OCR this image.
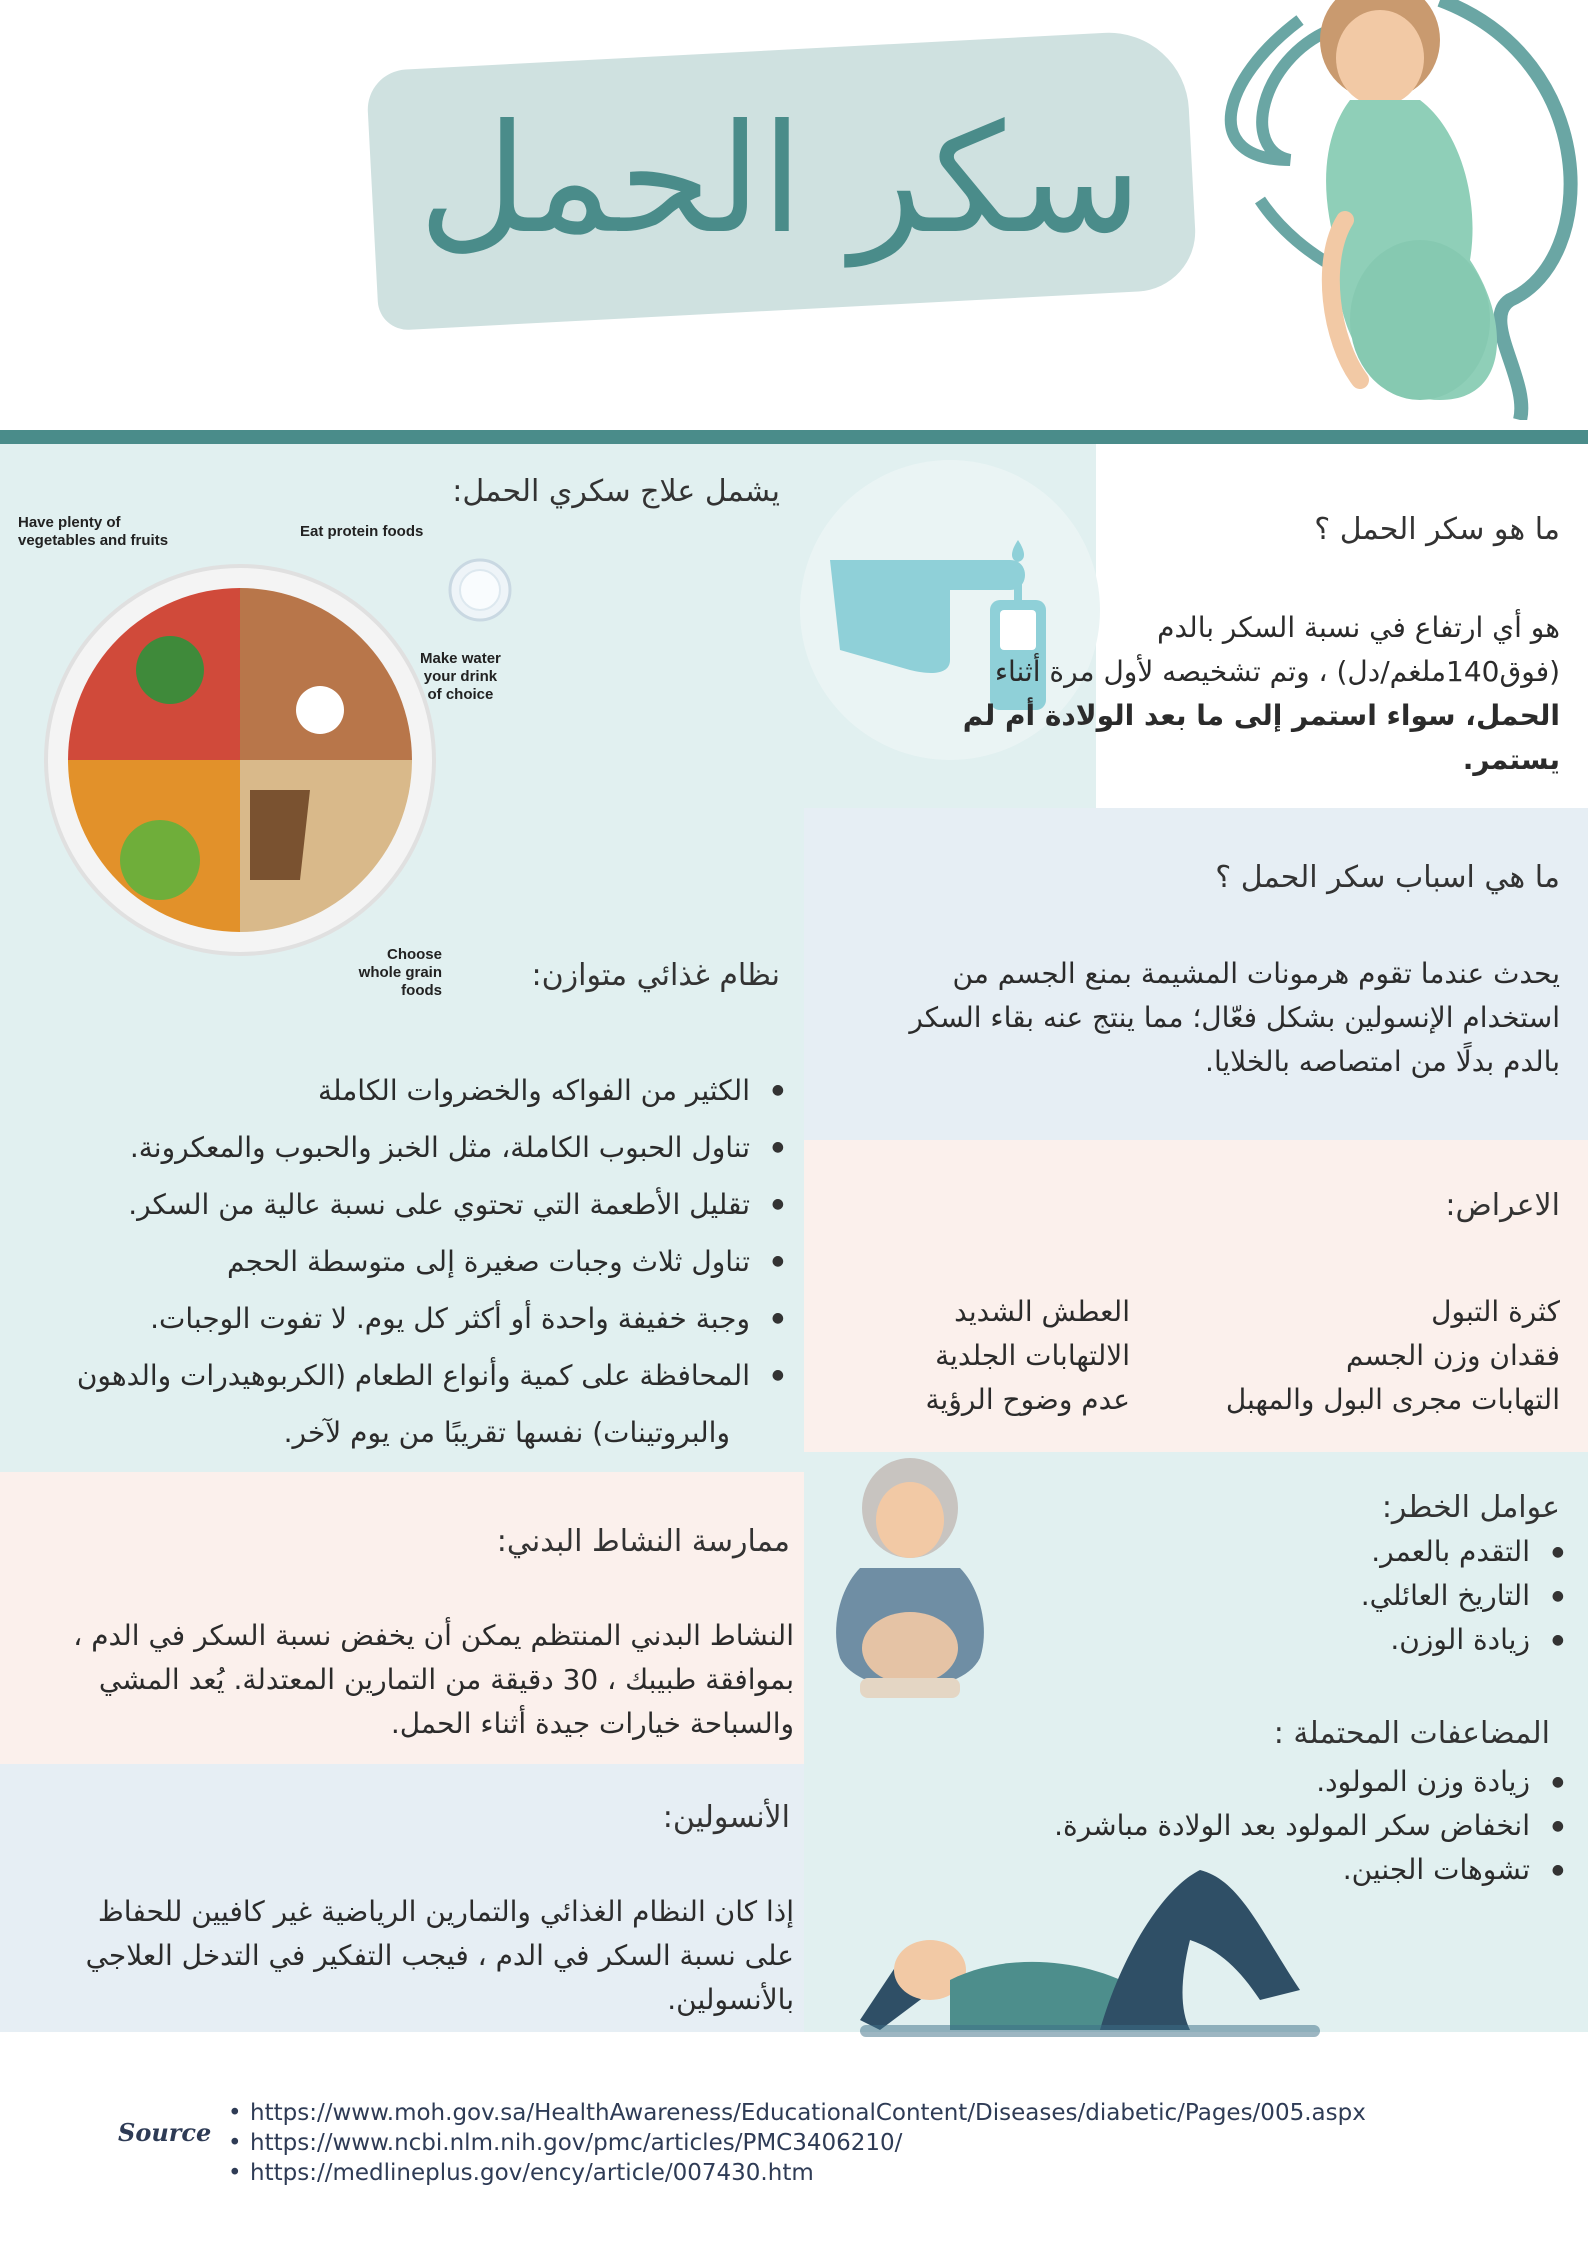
سكر الحمل
ما هو سكر الحمل ؟
هو أي ارتفاع في نسبة السكر بالدم
(فوق140ملغم/دل) ، وتم تشخيصه لأول مرة أثناء
الحمل، سواء استمر إلى ما بعد الولادة أم لم يستمر.
ما هي اسباب سكر الحمل ؟
يحدث عندما تقوم هرمونات المشيمة بمنع الجسم من
استخدام الإنسولين بشكل فعّال؛ مما ينتج عنه بقاء السكر
بالدم بدلًا من امتصاصه بالخلايا.
الاعراض:
كثرة التبول
فقدان وزن الجسم
التهابات مجرى البول والمهبل
العطش الشديد
الالتهابات الجلدية
عدم وضوح الرؤية
عوامل الخطر:
● التقدم بالعمر.
● التاريخ العائلي.
● زيادة الوزن.
المضاعفات المحتملة :
● زيادة وزن المولود.
● انخفاض سكر المولود بعد الولادة مباشرة.
● تشوهات الجنين.
يشمل علاج سكري الحمل:
Have plenty of
vegetables and fruits
Eat protein foods
Make water
your drink
of choice
Choose
whole grain
foods	نظام غذائي متوازن:
● الكثير من الفواكه والخضروات الكاملة
● تناول الحبوب الكاملة، مثل الخبز والحبوب والمعكرونة.
● تقليل الأطعمة التي تحتوي على نسبة عالية من السكر.
● تناول ثلاث وجبات صغيرة إلى متوسطة الحجم
● وجبة خفيفة واحدة أو أكثر كل يوم. لا تفوت الوجبات.
● المحافظة على كمية وأنواع الطعام (الكربوهيدرات والدهون
والبروتينات) نفسها تقريبًا من يوم لآخر.
ممارسة النشاط البدني:
النشاط البدني المنتظم يمكن أن يخفض نسبة السكر في الدم ،
بموافقة طبيبك ، 30 دقيقة من التمارين المعتدلة. يُعد المشي
والسباحة خيارات جيدة أثناء الحمل.
الأنسولين:
إذا كان النظام الغذائي والتمارين الرياضية غير كافيين للحفاظ
على نسبة السكر في الدم ، فيجب التفكير في التدخل العلاجي
بالأنسولين.
Source
• https://www.moh.gov.sa/HealthAwareness/EducationalContent/Diseases/diabetic/Pages/005.aspx
• https://www.ncbi.nlm.nih.gov/pmc/articles/PMC3406210/
• https://medlineplus.gov/ency/article/007430.htm
